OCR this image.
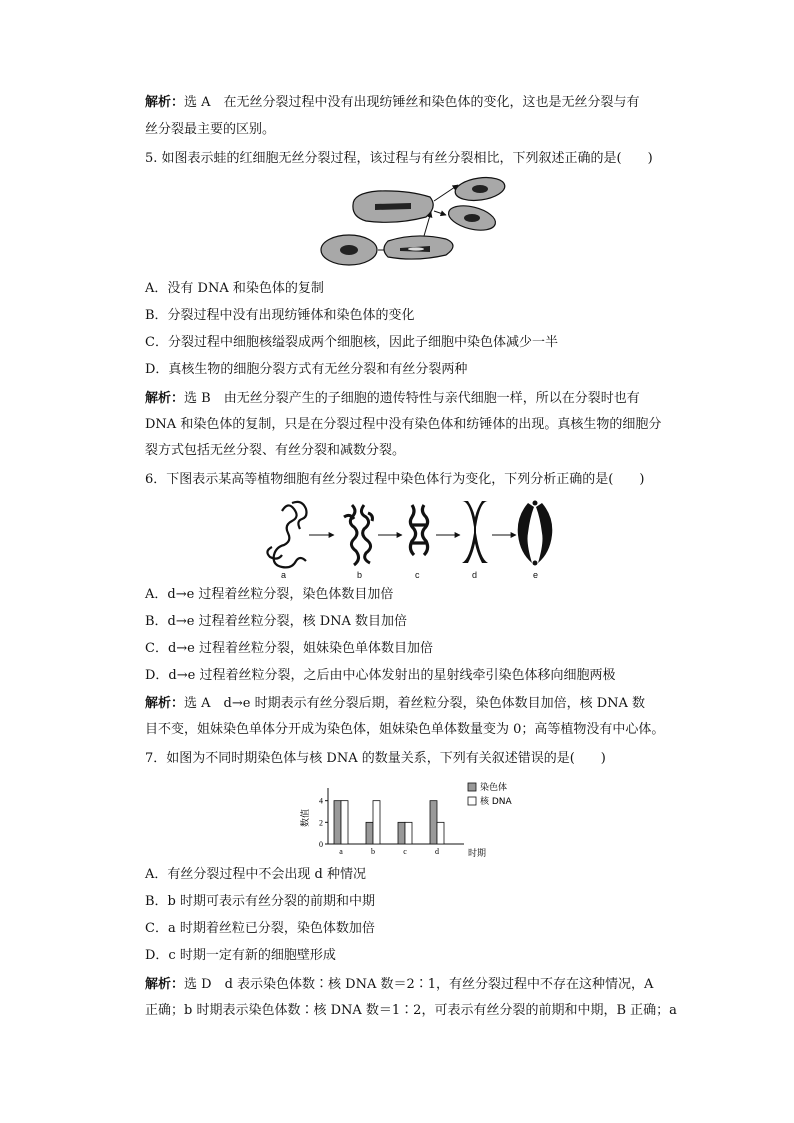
解析：选 A　在无丝分裂过程中没有出现纺锤丝和染色体的变化，这也是无丝分裂与有
丝分裂最主要的区别。
5. 如图表示蛙的红细胞无丝分裂过程，该过程与有丝分裂相比，下列叙述正确的是(　　)
A．没有 DNA 和染色体的复制
B．分裂过程中没有出现纺锤体和染色体的变化
C．分裂过程中细胞核缢裂成两个细胞核，因此子细胞中染色体减少一半
D．真核生物的细胞分裂方式有无丝分裂和有丝分裂两种
解析：选 B　由无丝分裂产生的子细胞的遗传特性与亲代细胞一样，所以在分裂时也有
DNA 和染色体的复制，只是在分裂过程中没有染色体和纺锤体的出现。真核生物的细胞分
裂方式包括无丝分裂、有丝分裂和减数分裂。
6．下图表示某高等植物细胞有丝分裂过程中染色体行为变化，下列分析正确的是(　　)
a	b	c	d	e
A．d→e 过程着丝粒分裂，染色体数目加倍
B．d→e 过程着丝粒分裂，核 DNA 数目加倍
C．d→e 过程着丝粒分裂，姐妹染色单体数目加倍
D．d→e 过程着丝粒分裂，之后由中心体发射出的星射线牵引染色体移向细胞两极
解析：选 A　d→e 时期表示有丝分裂后期，着丝粒分裂，染色体数目加倍，核 DNA 数
目不变，姐妹染色单体分开成为染色体，姐妹染色单体数量变为 0；高等植物没有中心体。
7．如图为不同时期染色体与核 DNA 的数量关系，下列有关叙述错误的是(　　)
0
2
4
数值
a	b	c	d	时期
染色体
核 DNA
A．有丝分裂过程中不会出现 d 种情况
B．b 时期可表示有丝分裂的前期和中期
C．a 时期着丝粒已分裂，染色体数加倍
D．c 时期一定有新的细胞壁形成
解析：选 D　d 表示染色体数∶核 DNA 数＝2∶1，有丝分裂过程中不存在这种情况，A
正确；b 时期表示染色体数∶核 DNA 数＝1∶2，可表示有丝分裂的前期和中期，B 正确；a
